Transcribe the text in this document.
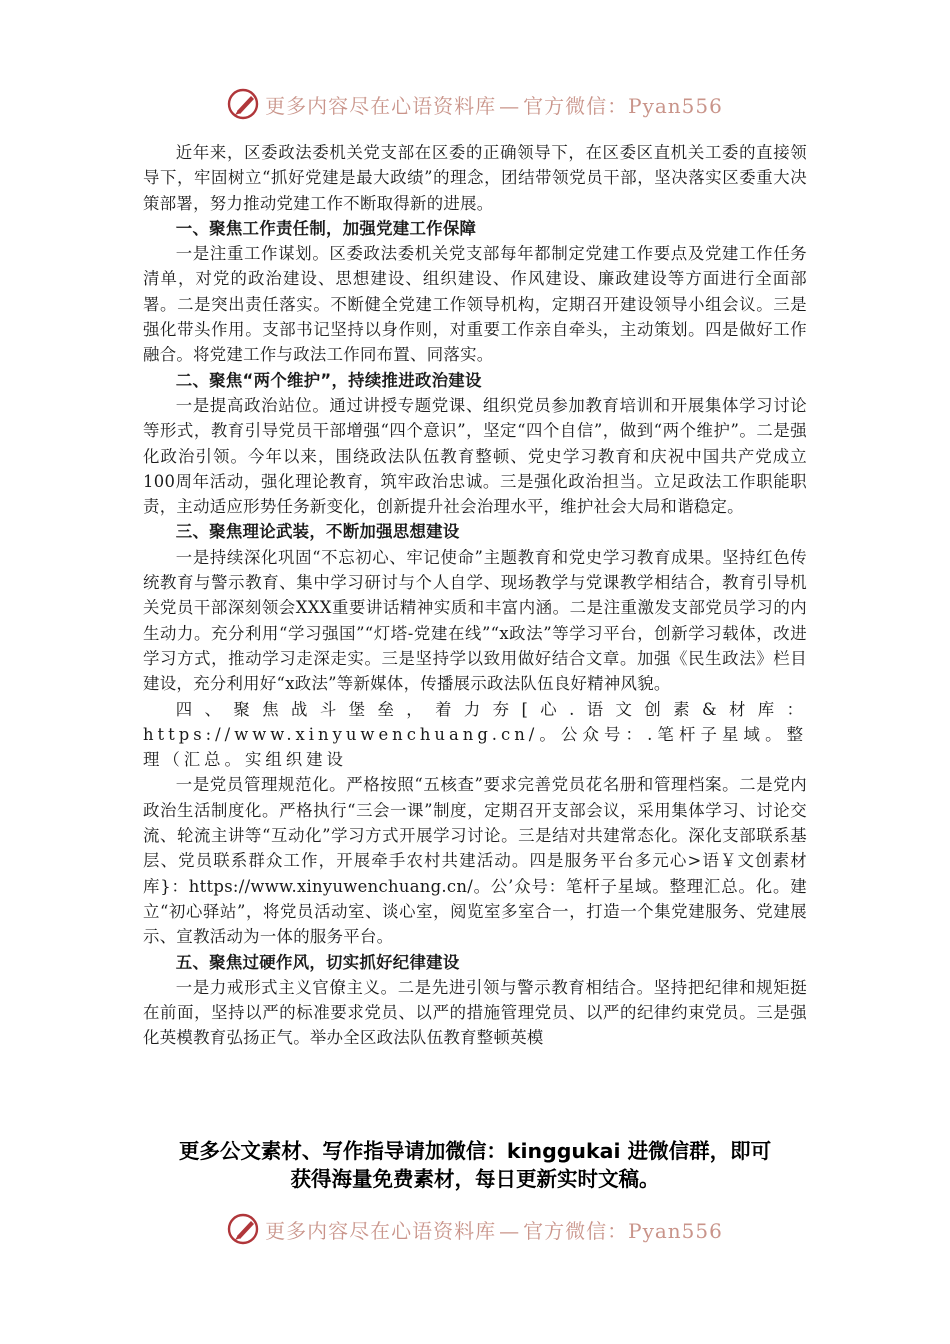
更多内容尽在心语资料库 — 官方微信：Pyan556

近年来，区委政法委机关党支部在区委的正确领导下，在区委区直机关工委的直接领导下，牢固树立“抓好党建是最大政绩”的理念，团结带领党员干部，坚决落实区委重大决策部署，努力推动党建工作不断取得新的进展。

一、聚焦工作责任制，加强党建工作保障

一是注重工作谋划。区委政法委机关党支部每年都制定党建工作要点及党建工作任务清单，对党的政治建设、思想建设、组织建设、作风建设、廉政建设等方面进行全面部署。二是突出责任落实。不断健全党建工作领导机构，定期召开建设领导小组会议。三是强化带头作用。支部书记坚持以身作则，对重要工作亲自牵头，主动策划。四是做好工作融合。将党建工作与政法工作同布置、同落实。

二、聚焦“两个维护”，持续推进政治建设

一是提高政治站位。通过讲授专题党课、组织党员参加教育培训和开展集体学习讨论等形式，教育引导党员干部增强“四个意识”，坚定“四个自信”，做到“两个维护”。二是强化政治引领。今年以来，围绕政法队伍教育整顿、党史学习教育和庆祝中国共产党成立100周年活动，强化理论教育，筑牢政治忠诚。三是强化政治担当。立足政法工作职能职责，主动适应形势任务新变化，创新提升社会治理水平，维护社会大局和谐稳定。

三、聚焦理论武装，不断加强思想建设

一是持续深化巩固“不忘初心、牢记使命”主题教育和党史学习教育成果。坚持红色传统教育与警示教育、集中学习研讨与个人自学、现场教学与党课教学相结合，教育引导机关党员干部深刻领会XXX重要讲话精神实质和丰富内涵。二是注重激发支部党员学习的内生动力。充分利用“学习强国”“灯塔-党建在线”“x政法”等学习平台，创新学习载体，改进学习方式，推动学习走深走实。三是坚持学以致用做好结合文章。加强《民生政法》栏目建设，充分利用好“x政法”等新媒体，传播展示政法队伍良好精神风貌。

四、聚焦战斗堡垒，着力夯[心.语文创素&材库：https://www.xinyuwenchuang.cn/。公众号：.笔杆子星域。整理（汇总。实组织建设

一是党员管理规范化。严格按照“五核查”要求完善党员花名册和管理档案。二是党内政治生活制度化。严格执行“三会一课”制度，定期召开支部会议，采用集体学习、讨论交流、轮流主讲等“互动化”学习方式开展学习讨论。三是结对共建常态化。深化支部联系基层、党员联系群众工作，开展牵手农村共建活动。四是服务平台多元心>语￥文创素材库}：https://www.xinyuwenchuang.cn/。公’众号：笔杆子星域。整理汇总。化。建立“初心驿站”，将党员活动室、谈心室，阅览室多室合一，打造一个集党建服务、党建展示、宣教活动为一体的服务平台。

五、聚焦过硬作风，切实抓好纪律建设

一是力戒形式主义官僚主义。二是先进引领与警示教育相结合。坚持把纪律和规矩挺在前面，坚持以严的标准要求党员、以严的措施管理党员、以严的纪律约束党员。三是强化英模教育弘扬正气。举办全区政法队伍教育整顿英模

更多公文素材、写作指导请加微信：kinggukai 进微信群，即可
获得海量免费素材，每日更新实时文稿。
更多内容尽在心语资料库 — 官方微信：Pyan556
